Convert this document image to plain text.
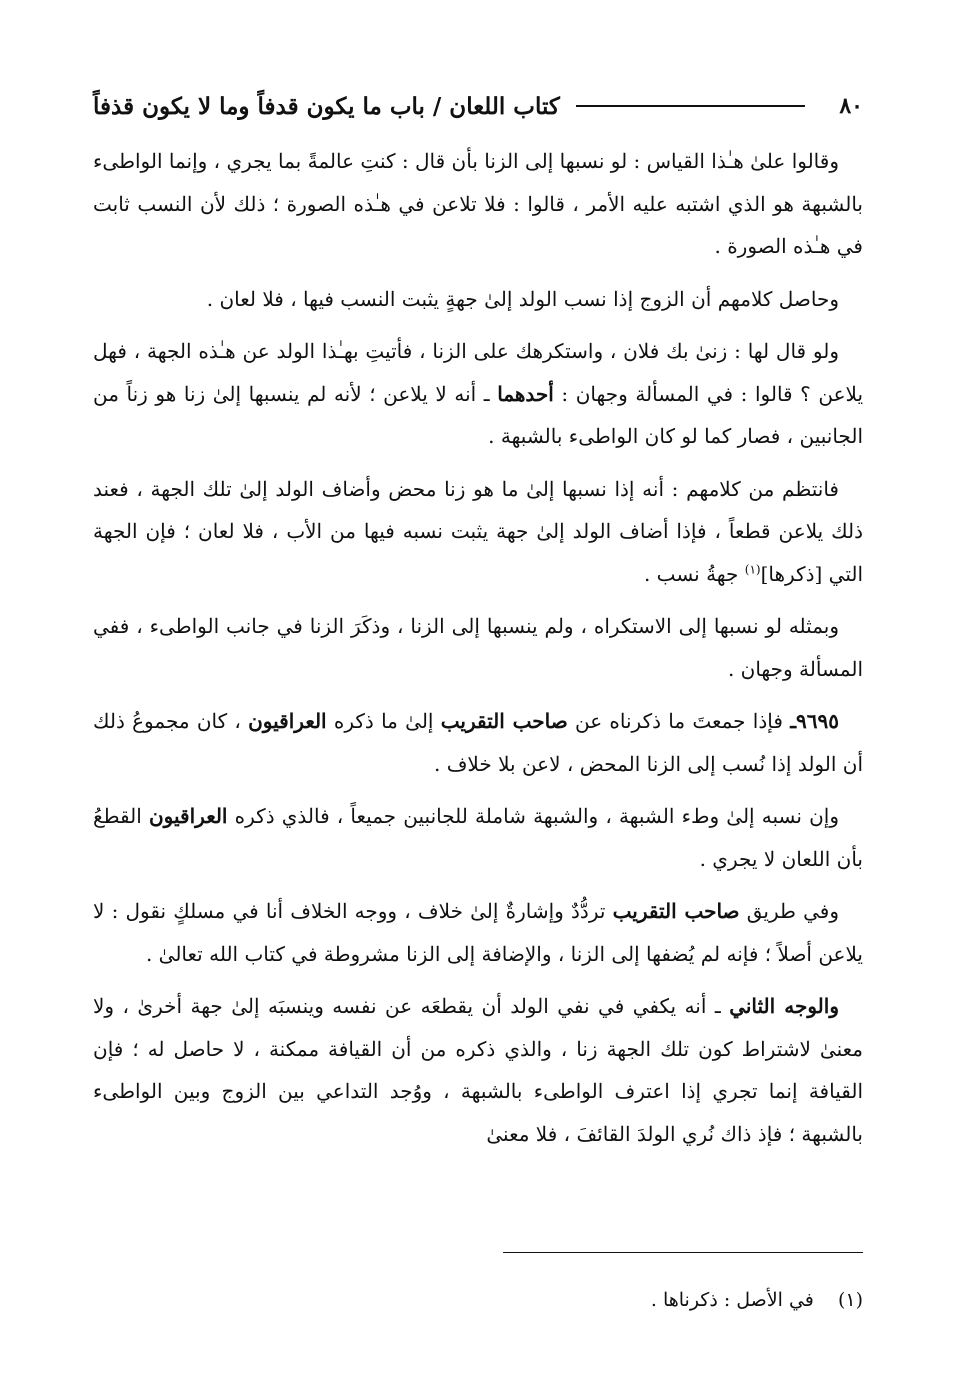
٨٠
كتاب اللعان / باب ما يكون قدفاً وما لا يكون قذفاً

وقالوا علىٰ هـٰذا القياس : لو نسبها إلى الزنا بأن قال : كنتِ عالمةً بما يجري ، وإنما الواطىء بالشبهة هو الذي اشتبه عليه الأمر ، قالوا : فلا تلاعن في هـٰذه الصورة ؛ ذلك لأن النسب ثابت في هـٰذه الصورة .

وحاصل كلامهم أن الزوج إذا نسب الولد إلىٰ جهةٍ يثبت النسب فيها ، فلا لعان .

ولو قال لها : زنىٰ بك فلان ، واستكرهك على الزنا ، فأتيتِ بهـٰذا الولد عن هـٰذه الجهة ، فهل يلاعن ؟ قالوا : في المسألة وجهان : أحدهما ـ أنه لا يلاعن ؛ لأنه لم ينسبها إلىٰ زنا هو زناً من الجانبين ، فصار كما لو كان الواطىء بالشبهة .

فانتظم من كلامهم : أنه إذا نسبها إلىٰ ما هو زنا محض وأضاف الولد إلىٰ تلك الجهة ، فعند ذلك يلاعن قطعاً ، فإذا أضاف الولد إلىٰ جهة يثبت نسبه فيها من الأب ، فلا لعان ؛ فإن الجهة التي [ذكرها]$^{(١)}$ جهةُ نسب .

وبمثله لو نسبها إلى الاستكراه ، ولم ينسبها إلى الزنا ، وذكَرَ الزنا في جانب الواطىء ، ففي المسألة وجهان .

٩٦٩٥ـ فإذا جمعتَ ما ذكرناه عن صاحب التقريب إلىٰ ما ذكره العراقيون ، كان مجموعُ ذلك أن الولد إذا نُسب إلى الزنا المحض ، لاعن بلا خلاف .

وإن نسبه إلىٰ وطء الشبهة ، والشبهة شاملة للجانبين جميعاً ، فالذي ذكره العراقيون القطعُ بأن اللعان لا يجري .

وفي طريق صاحب التقريب تردُّدٌ وإشارةٌ إلىٰ خلاف ، ووجه الخلاف أنا في مسلكٍ نقول : لا يلاعن أصلاً ؛ فإنه لم يُضفها إلى الزنا ، والإضافة إلى الزنا مشروطة في كتاب الله تعالىٰ .

والوجه الثاني ـ أنه يكفي في نفي الولد أن يقطعَه عن نفسه وينسبَه إلىٰ جهة أخرىٰ ، ولا معنىٰ لاشتراط كون تلك الجهة زنا ، والذي ذكره من أن القيافة ممكنة ، لا حاصل له ؛ فإن القيافة إنما تجري إذا اعترف الواطىء بالشبهة ، ووُجد التداعي بين الزوج وبين الواطىء بالشبهة ؛ فإذ ذاك نُري الولدَ القائفَ ، فلا معنىٰ

(١) في الأصل : ذكرناها .
